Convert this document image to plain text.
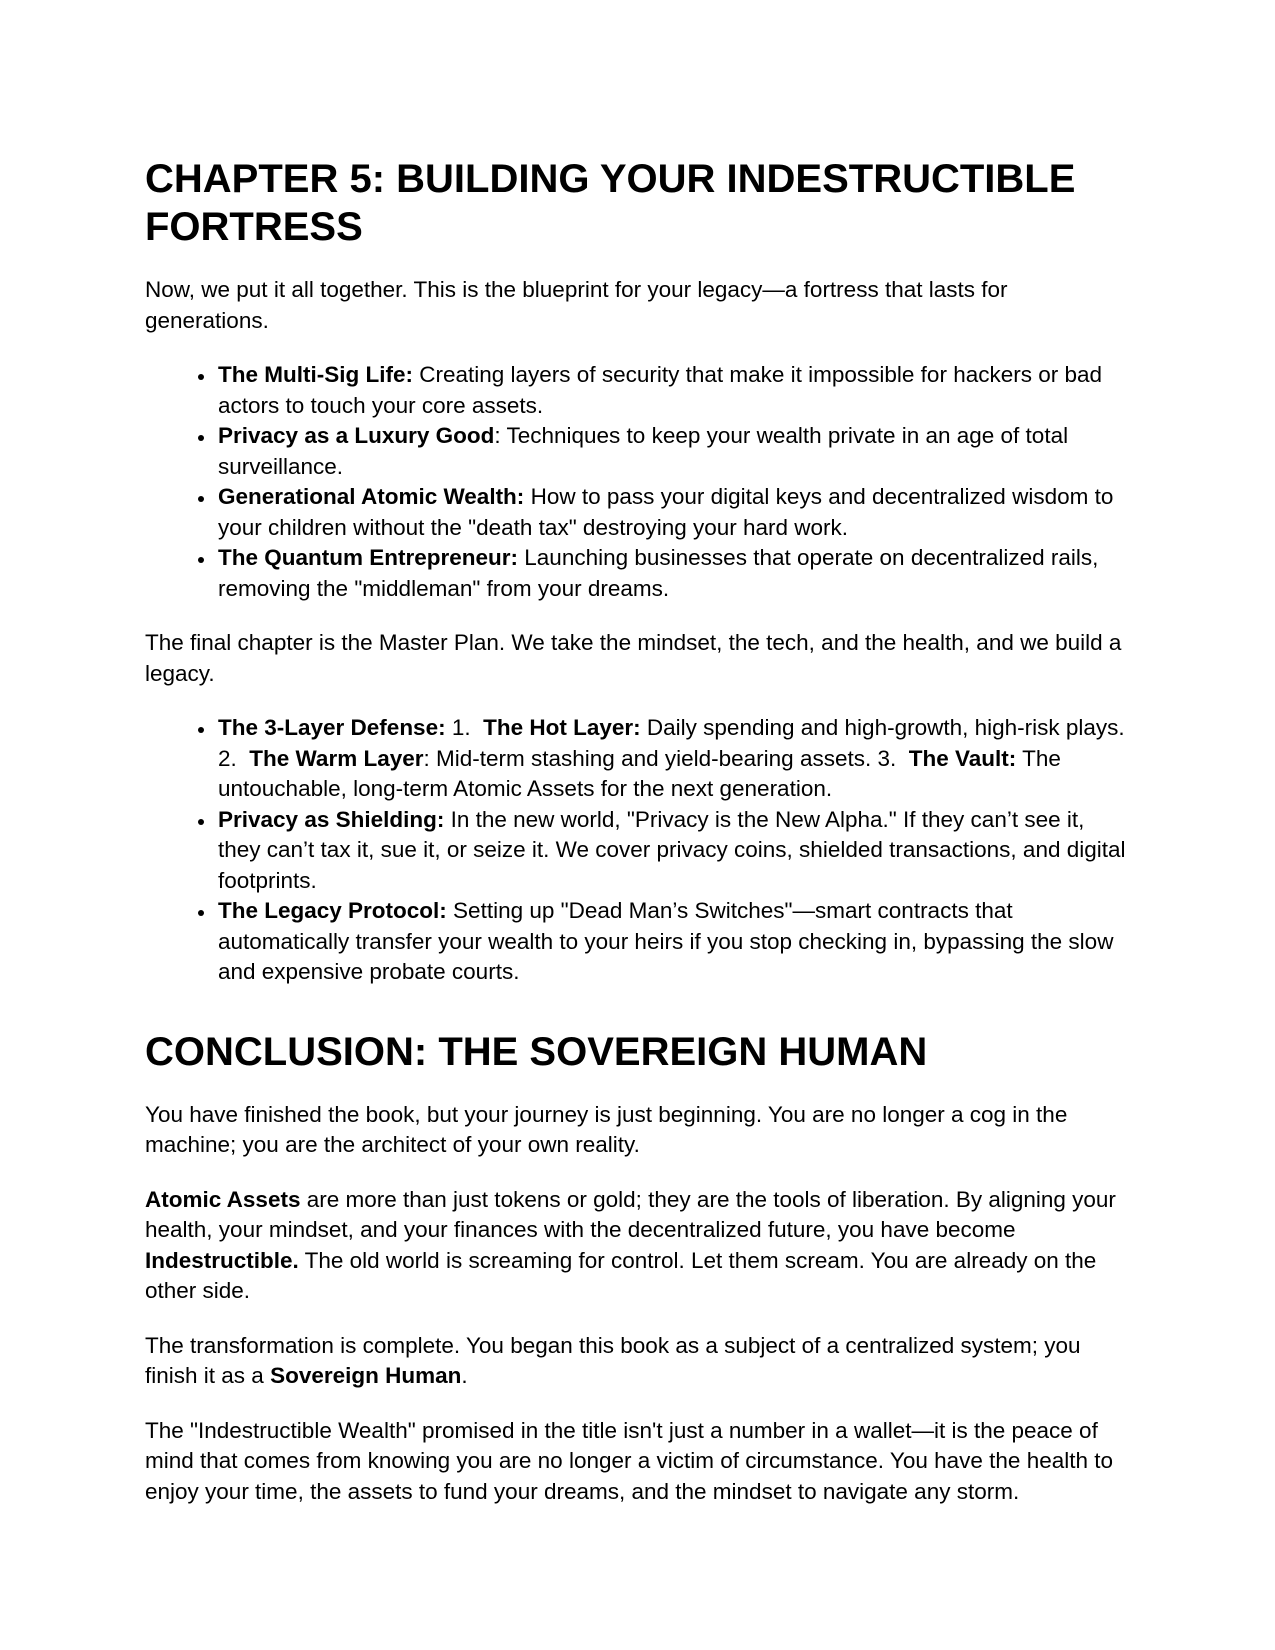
CHAPTER 5: BUILDING YOUR INDESTRUCTIBLE FORTRESS

Now, we put it all together. This is the blueprint for your legacy—a fortress that lasts for generations.

• The Multi-Sig Life: Creating layers of security that make it impossible for hackers or bad actors to touch your core assets.
• Privacy as a Luxury Good: Techniques to keep your wealth private in an age of total surveillance.
• Generational Atomic Wealth: How to pass your digital keys and decentralized wisdom to your children without the "death tax" destroying your hard work.
• The Quantum Entrepreneur: Launching businesses that operate on decentralized rails, removing the "middleman" from your dreams.

The final chapter is the Master Plan. We take the mindset, the tech, and the health, and we build a legacy.

• The 3-Layer Defense: 1.  The Hot Layer: Daily spending and high-growth, high-risk plays. 2.  The Warm Layer: Mid-term stashing and yield-bearing assets. 3.  The Vault: The untouchable, long-term Atomic Assets for the next generation.
• Privacy as Shielding: In the new world, "Privacy is the New Alpha." If they can’t see it, they can’t tax it, sue it, or seize it. We cover privacy coins, shielded transactions, and digital footprints.
• The Legacy Protocol: Setting up "Dead Man’s Switches"—smart contracts that automatically transfer your wealth to your heirs if you stop checking in, bypassing the slow and expensive probate courts.
CONCLUSION: THE SOVEREIGN HUMAN

You have finished the book, but your journey is just beginning. You are no longer a cog in the machine; you are the architect of your own reality.

Atomic Assets are more than just tokens or gold; they are the tools of liberation. By aligning your health, your mindset, and your finances with the decentralized future, you have become Indestructible. The old world is screaming for control. Let them scream. You are already on the other side.

The transformation is complete. You began this book as a subject of a centralized system; you finish it as a Sovereign Human.

The "Indestructible Wealth" promised in the title isn't just a number in a wallet—it is the peace of mind that comes from knowing you are no longer a victim of circumstance. You have the health to enjoy your time, the assets to fund your dreams, and the mindset to navigate any storm.
